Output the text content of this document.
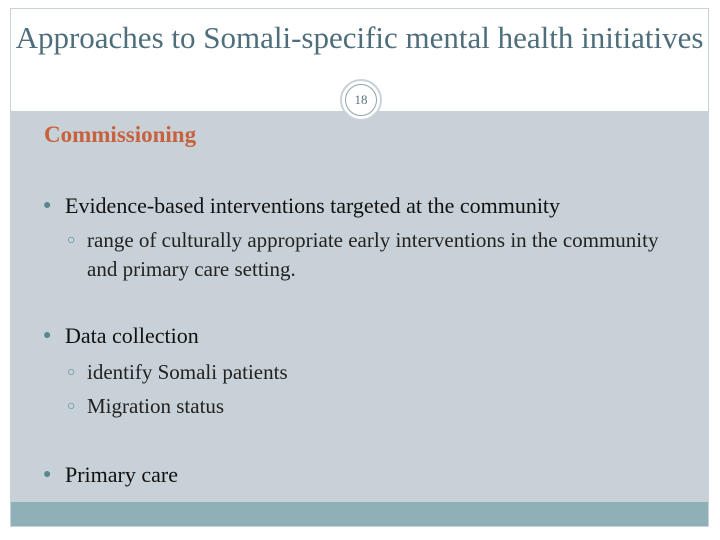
Approaches to Somali-specific mental health initiatives
18
Commissioning
● Evidence-based interventions targeted at the community
○ range of culturally appropriate early interventions in the community and primary care setting.
● Data collection
○ identify Somali patients
○ Migration status
● Primary care
